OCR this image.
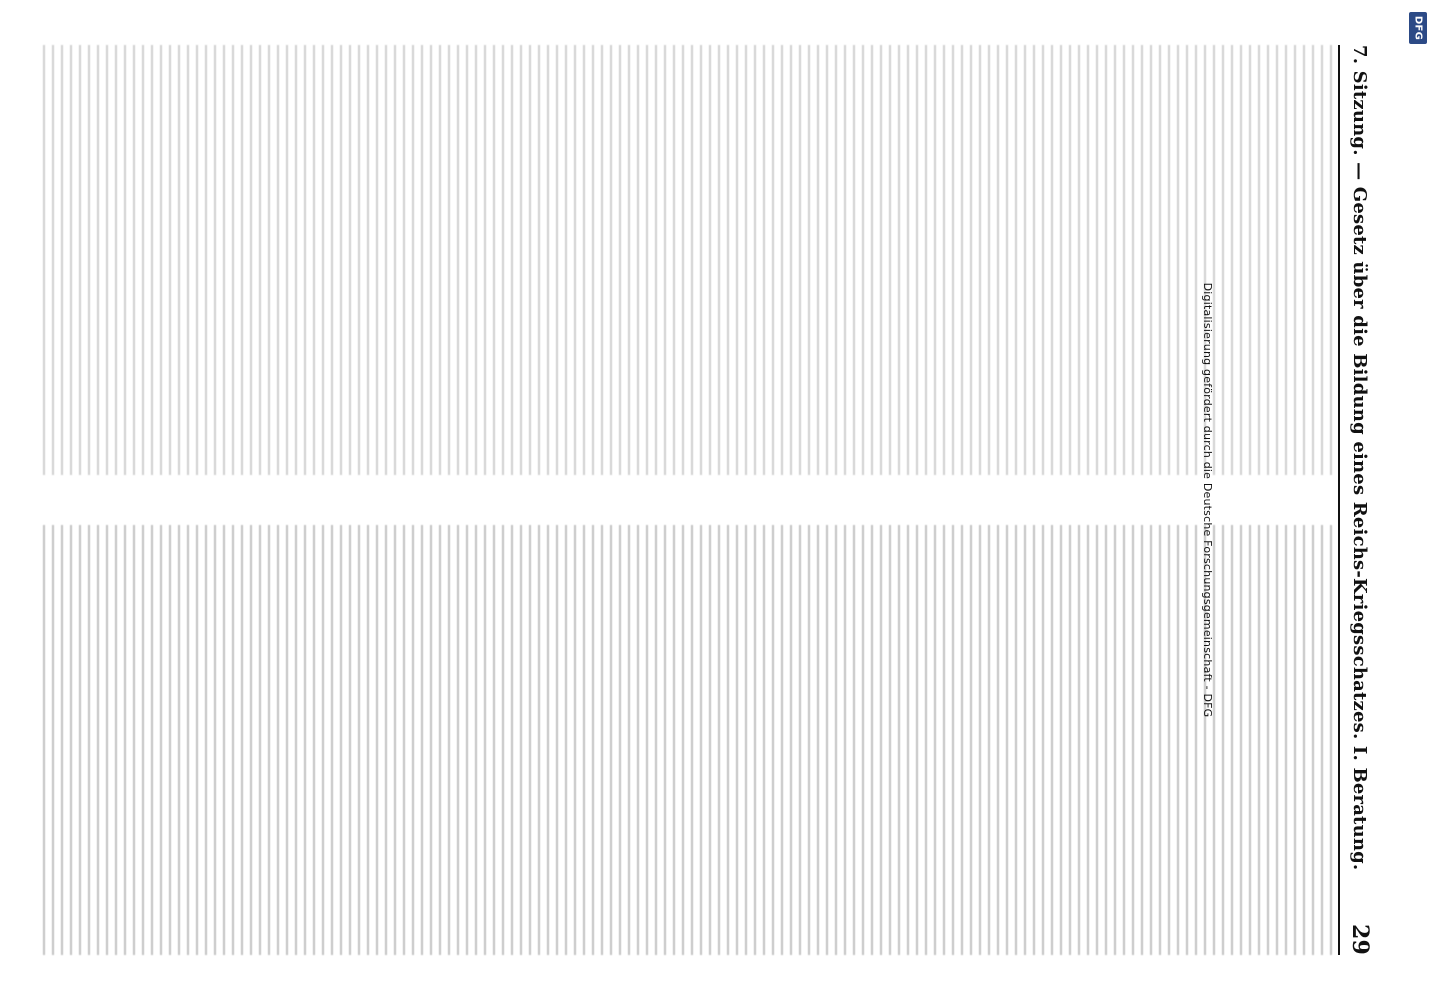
7. Sitzung. — Gesetz über die Bildung eines Reichs-Kriegsschatzes. I. Beratung.
29
DFG
Digitalisierung gefördert durch die Deutsche Forschungsgemeinschaft - DFG
